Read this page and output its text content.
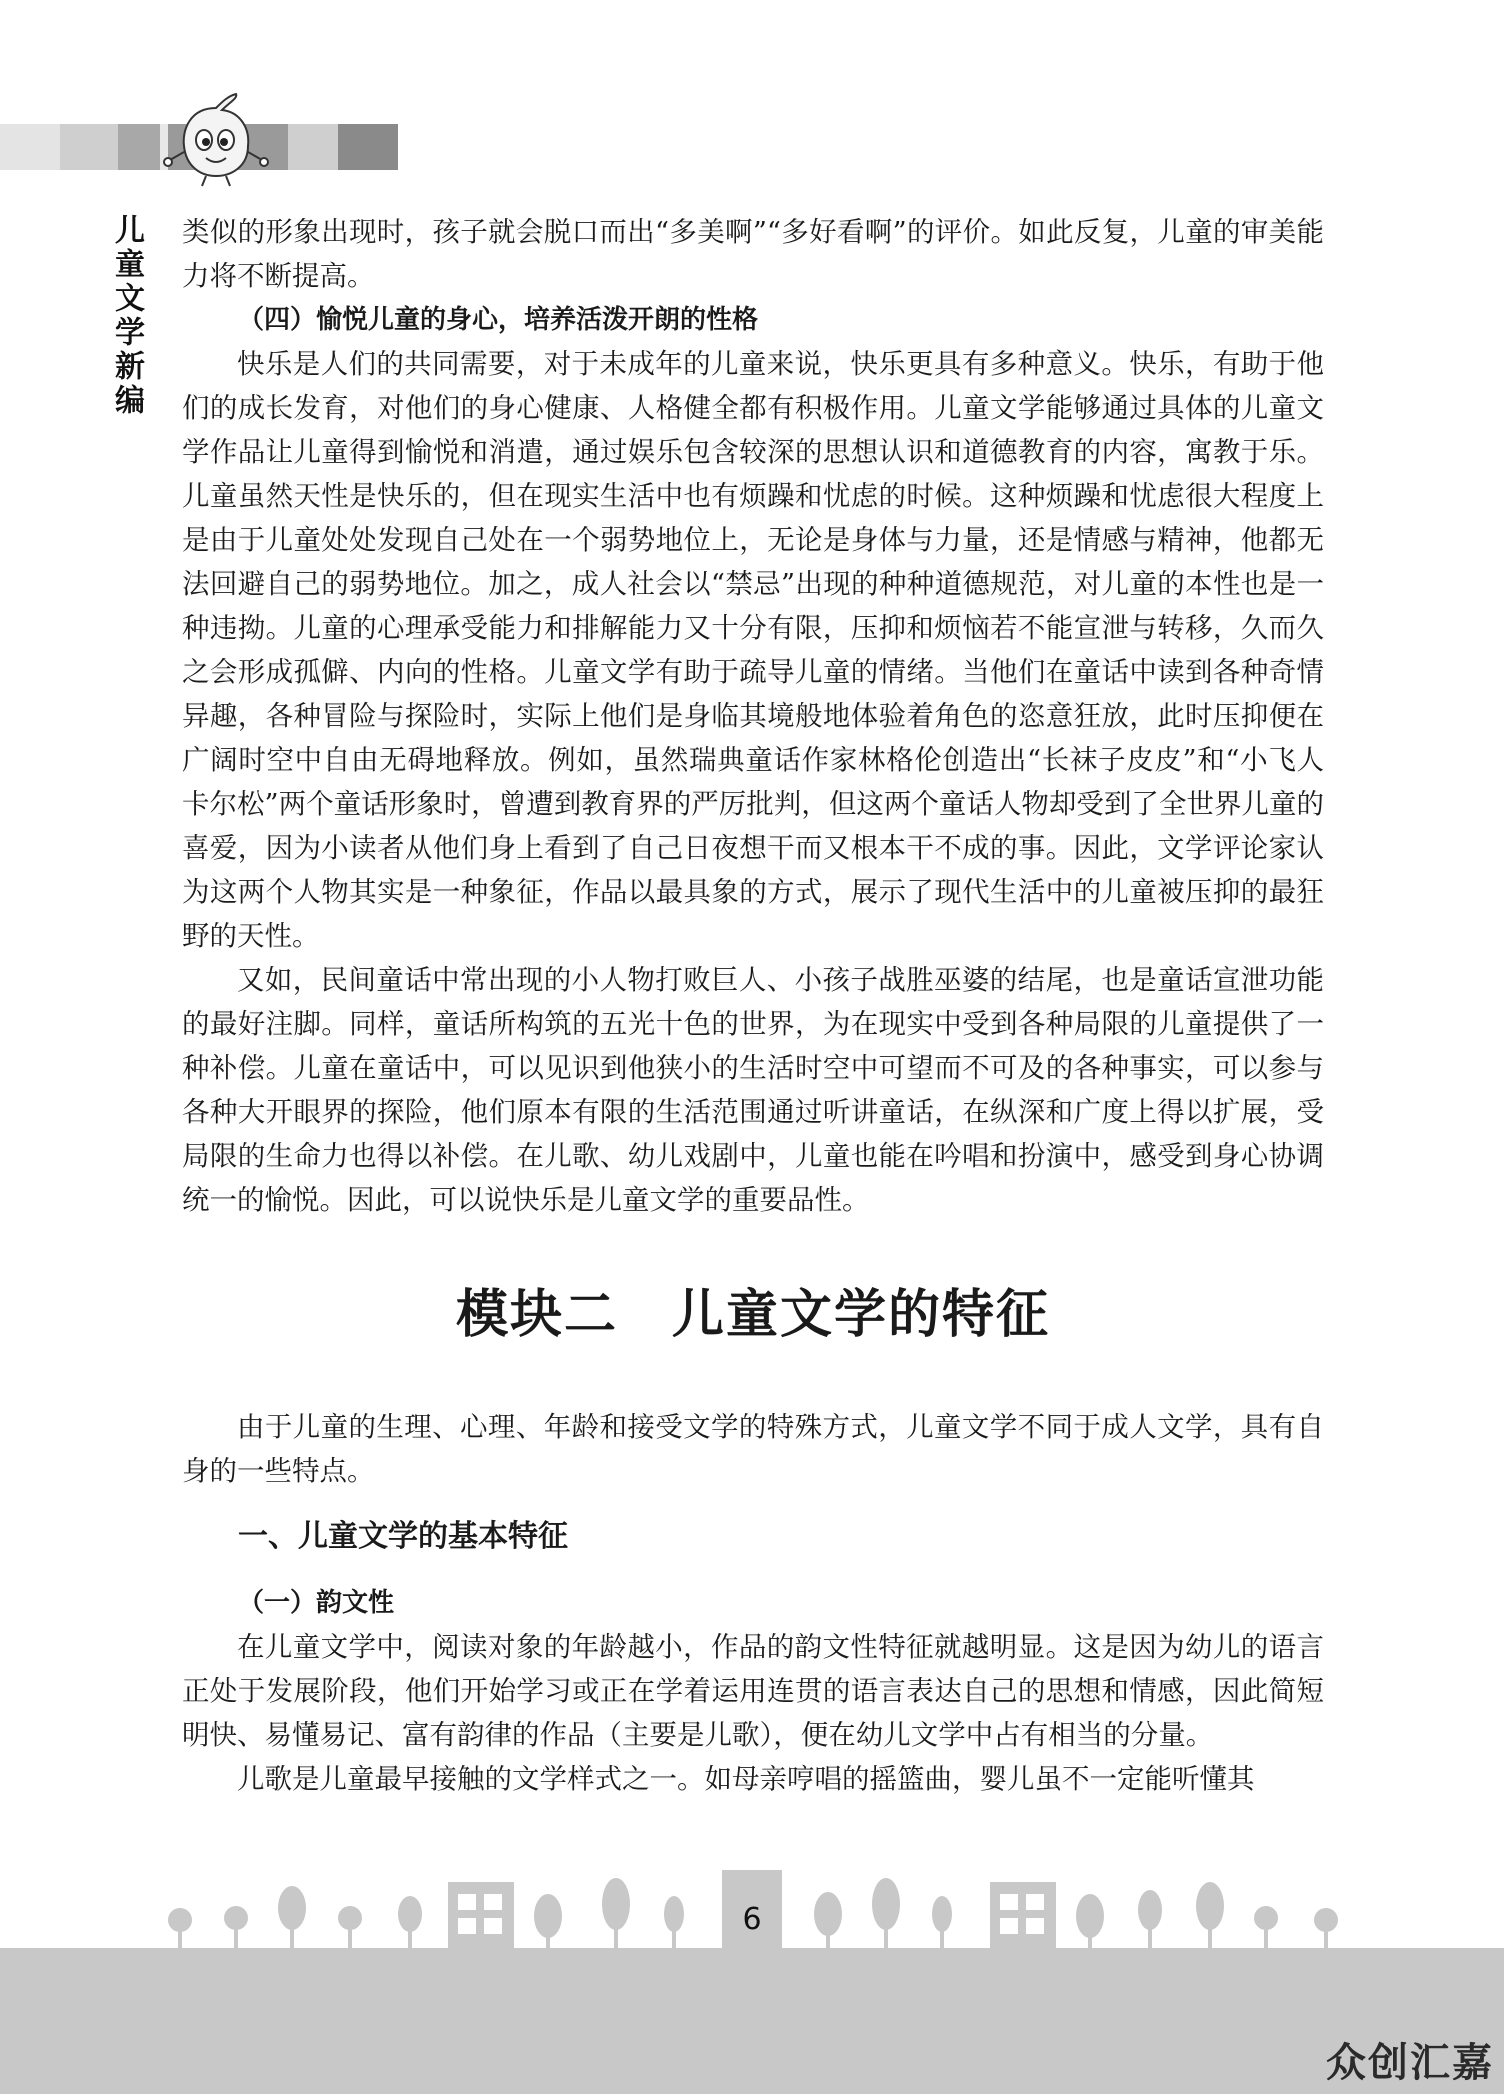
儿童文学新编 类似的形象出现时，孩子就会脱口而出“多美啊”“多好看啊”的评价。如此反复，儿童的审美能力将不断提高。

（四）愉悦儿童的身心，培养活泼开朗的性格

快乐是人们的共同需要，对于未成年的儿童来说，快乐更具有多种意义。快乐，有助于他们的成长发育，对他们的身心健康、人格健全都有积极作用。儿童文学能够通过具体的儿童文学作品让儿童得到愉悦和消遣，通过娱乐包含较深的思想认识和道德教育的内容，寓教于乐。儿童虽然天性是快乐的，但在现实生活中也有烦躁和忧虑的时候。这种烦躁和忧虑很大程度上是由于儿童处处发现自己处在一个弱势地位上，无论是身体与力量，还是情感与精神，他都无法回避自己的弱势地位。加之，成人社会以“禁忌”出现的种种道德规范，对儿童的本性也是一种违拗。儿童的心理承受能力和排解能力又十分有限，压抑和烦恼若不能宣泄与转移，久而久之会形成孤僻、内向的性格。儿童文学有助于疏导儿童的情绪。当他们在童话中读到各种奇情异趣，各种冒险与探险时，实际上他们是身临其境般地体验着角色的恣意狂放，此时压抑便在广阔时空中自由无碍地释放。例如，虽然瑞典童话作家林格伦创造出“长袜子皮皮”和“小飞人卡尔松”两个童话形象时，曾遭到教育界的严厉批判，但这两个童话人物却受到了全世界儿童的喜爱，因为小读者从他们身上看到了自己日夜想干而又根本干不成的事。因此，文学评论家认为这两个人物其实是一种象征，作品以最具象的方式，展示了现代生活中的儿童被压抑的最狂野的天性。

又如，民间童话中常出现的小人物打败巨人、小孩子战胜巫婆的结尾，也是童话宣泄功能的最好注脚。同样，童话所构筑的五光十色的世界，为在现实中受到各种局限的儿童提供了一种补偿。儿童在童话中，可以见识到他狭小的生活时空中可望而不可及的各种事实，可以参与各种大开眼界的探险，他们原本有限的生活范围通过听讲童话，在纵深和广度上得以扩展，受局限的生命力也得以补偿。在儿歌、幼儿戏剧中，儿童也能在吟唱和扮演中，感受到身心协调统一的愉悦。因此，可以说快乐是儿童文学的重要品性。

模块二　儿童文学的特征

由于儿童的生理、心理、年龄和接受文学的特殊方式，儿童文学不同于成人文学，具有自身的一些特点。

一、儿童文学的基本特征

（一）韵文性

在儿童文学中，阅读对象的年龄越小，作品的韵文性特征就越明显。这是因为幼儿的语言正处于发展阶段，他们开始学习或正在学着运用连贯的语言表达自己的思想和情感，因此简短明快、易懂易记、富有韵律的作品（主要是儿歌），便在幼儿文学中占有相当的分量。

儿歌是儿童最早接触的文学样式之一。如母亲哼唱的摇篮曲，婴儿虽不一定能听懂其

6
众创汇嘉
